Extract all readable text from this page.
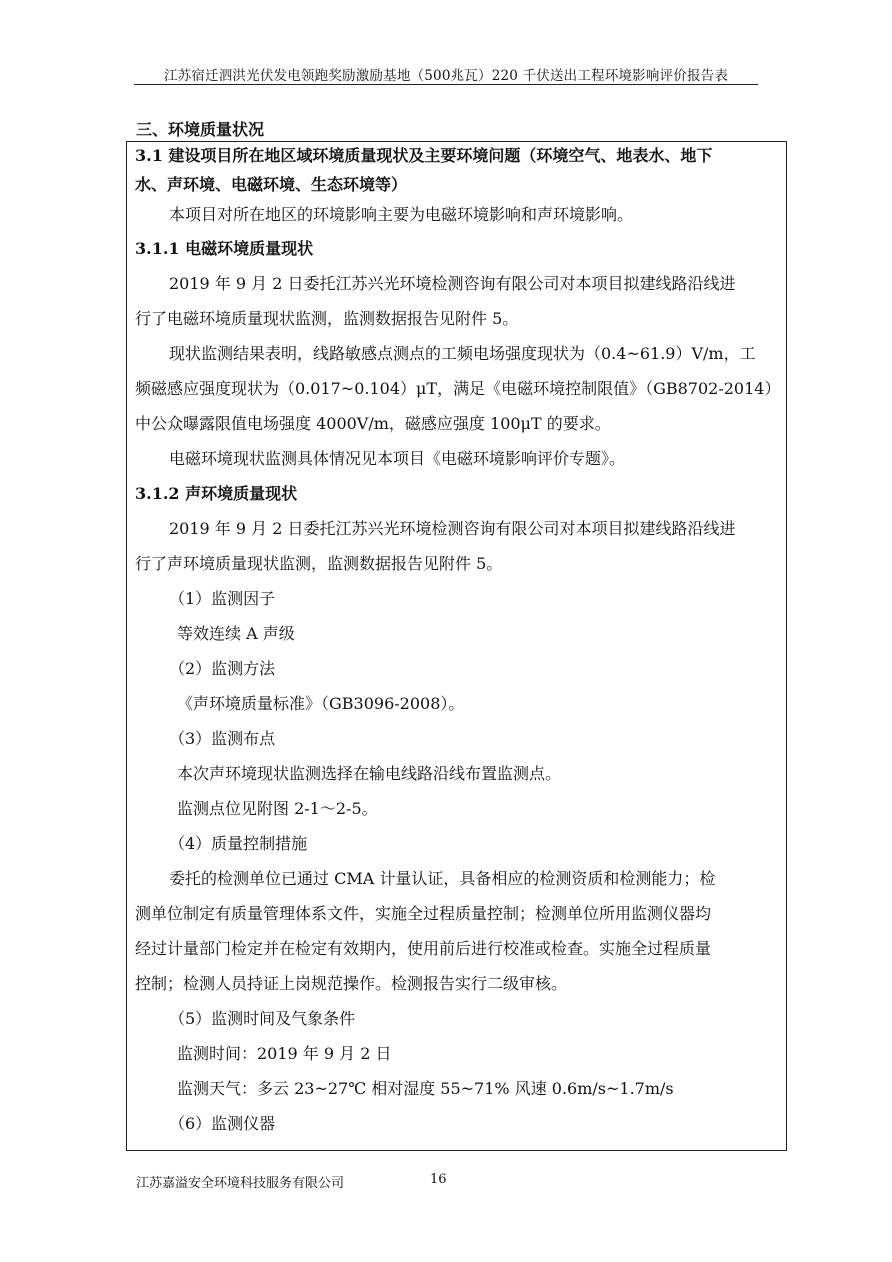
江苏宿迁泗洪光伏发电领跑奖励激励基地（500兆瓦）220 千伏送出工程环境影响评价报告表
三、环境质量状况
3.1 建设项目所在地区域环境质量现状及主要环境问题（环境空气、地表水、地下
水、声环境、电磁环境、生态环境等）
本项目对所在地区的环境影响主要为电磁环境影响和声环境影响。
3.1.1 电磁环境质量现状
2019 年 9 月 2 日委托江苏兴光环境检测咨询有限公司对本项目拟建线路沿线进
行了电磁环境质量现状监测，监测数据报告见附件 5。
现状监测结果表明，线路敏感点测点的工频电场强度现状为（0.4~61.9）V/m，工
频磁感应强度现状为（0.017~0.104）μT，满足《电磁环境控制限值》（GB8702-2014）
中公众曝露限值电场强度 4000V/m，磁感应强度 100μT 的要求。
电磁环境现状监测具体情况见本项目《电磁环境影响评价专题》。
3.1.2 声环境质量现状
2019 年 9 月 2 日委托江苏兴光环境检测咨询有限公司对本项目拟建线路沿线进
行了声环境质量现状监测，监测数据报告见附件 5。
（1）监测因子
等效连续 A 声级
（2）监测方法
《声环境质量标准》（GB3096-2008）。
（3）监测布点
本次声环境现状监测选择在输电线路沿线布置监测点。
监测点位见附图 2-1～2-5。
（4）质量控制措施
委托的检测单位已通过 CMA 计量认证，具备相应的检测资质和检测能力；检
测单位制定有质量管理体系文件，实施全过程质量控制；检测单位所用监测仪器均
经过计量部门检定并在检定有效期内，使用前后进行校准或检查。实施全过程质量
控制；检测人员持证上岗规范操作。检测报告实行二级审核。
（5）监测时间及气象条件
监测时间：2019 年 9 月 2 日
监测天气：多云 23~27℃ 相对湿度 55~71% 风速 0.6m/s~1.7m/s
（6）监测仪器
江苏嘉溢安全环境科技服务有限公司	16
